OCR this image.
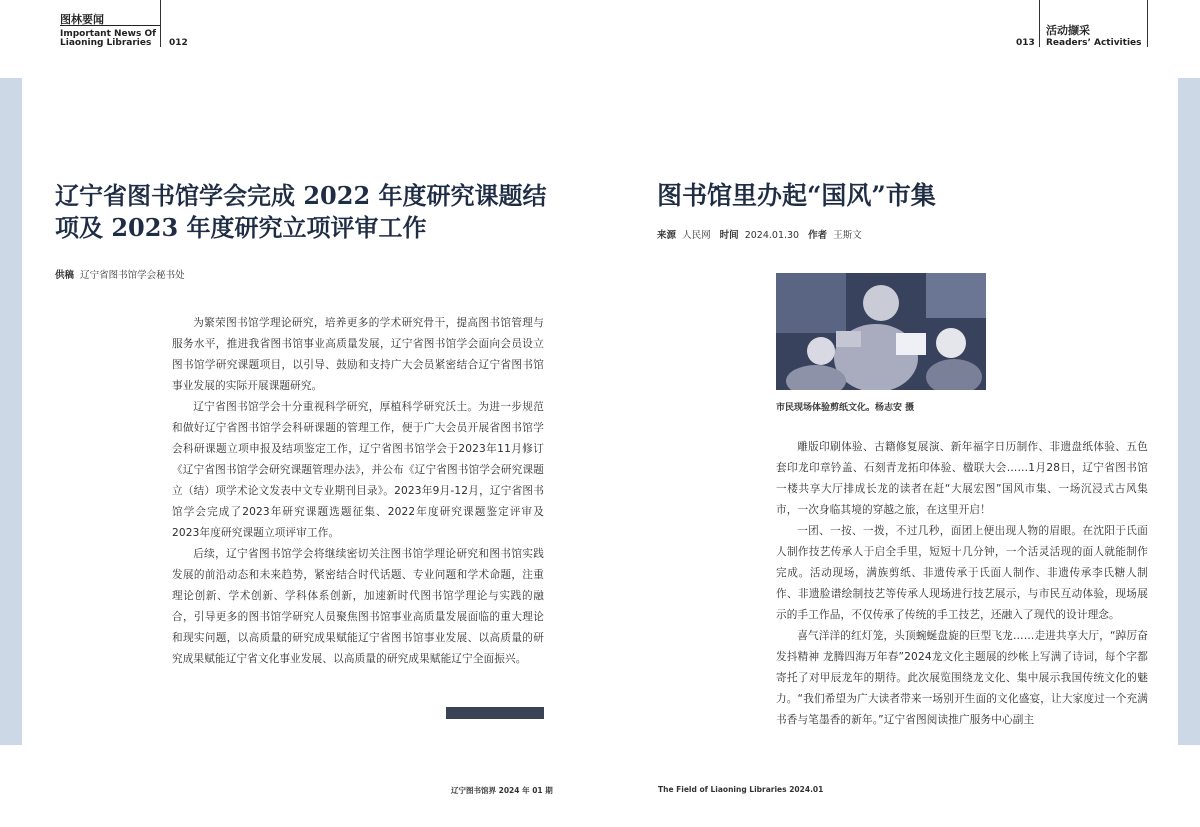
图林要闻
Important News Of
Liaoning Libraries 012	013
活动撷采
Readers’ Activities
辽宁省图书馆学会完成 2022 年度研究课题结
项及 2023 年度研究立项评审工作
供稿 辽宁省图书馆学会秘书处

为繁荣图书馆学理论研究，培养更多的学术研究骨干，提高图书馆管理与服务水平，推进我省图书馆事业高质量发展，辽宁省图书馆学会面向会员设立图书馆学研究课题项目，以引导、鼓励和支持广大会员紧密结合辽宁省图书馆事业发展的实际开展课题研究。

辽宁省图书馆学会十分重视科学研究，厚植科学研究沃土。为进一步规范和做好辽宁省图书馆学会科研课题的管理工作，便于广大会员开展省图书馆学会科研课题立项申报及结项鉴定工作，辽宁省图书馆学会于2023年11月修订《辽宁省图书馆学会研究课题管理办法》，并公布《辽宁省图书馆学会研究课题立（结）项学术论文发表中文专业期刊目录》。2023年9月-12月，辽宁省图书馆学会完成了2023年研究课题选题征集、2022年度研究课题鉴定评审及2023年度研究课题立项评审工作。

后续，辽宁省图书馆学会将继续密切关注图书馆学理论研究和图书馆实践发展的前沿动态和未来趋势，紧密结合时代话题、专业问题和学术命题，注重理论创新、学术创新、学科体系创新，加速新时代图书馆学理论与实践的融合，引导更多的图书馆学研究人员聚焦图书馆事业高质量发展面临的重大理论和现实问题，以高质量的研究成果赋能辽宁省图书馆事业发展、以高质量的研究成果赋能辽宁省文化事业发展、以高质量的研究成果赋能辽宁全面振兴。

图书馆里办起“国风”市集
来源 人民网 时间 2024.01.30 作者 王斯文
市民现场体验剪纸文化。杨志安 摄

雕版印刷体验、古籍修复展演、新年福字日历制作、非遗盘纸体验、五色套印龙印章钤盖、石刻青龙拓印体验、楹联大会……1月28日，辽宁省图书馆一楼共享大厅排成长龙的读者在赶“大展宏图”国风市集、一场沉浸式古风集市，一次身临其境的穿越之旅，在这里开启！

一团、一按、一拨，不过几秒，面团上便出现人物的眉眼。在沈阳于氏面人制作技艺传承人于启全手里，短短十几分钟，一个活灵活现的面人就能制作完成。活动现场，满族剪纸、非遗传承于氏面人制作、非遗传承李氏糖人制作、非遗脸谱绘制技艺等传承人现场进行技艺展示，与市民互动体验，现场展示的手工作品，不仅传承了传统的手工技艺，还融入了现代的设计理念。

喜气洋洋的红灯笼，头顶蜿蜒盘旋的巨型飞龙……走进共享大厅，“踔厉奋发抖精神 龙腾四海万年春”2024龙文化主题展的纱帐上写满了诗词，每个字都寄托了对甲辰龙年的期待。此次展览围绕龙文化、集中展示我国传统文化的魅力。“我们希望为广大读者带来一场别开生面的文化盛宴，让大家度过一个充满书香与笔墨香的新年。”辽宁省图阅读推广服务中心副主

辽宁图书馆界 2024 年 01 期	The Field of Liaoning Libraries 2024.01
